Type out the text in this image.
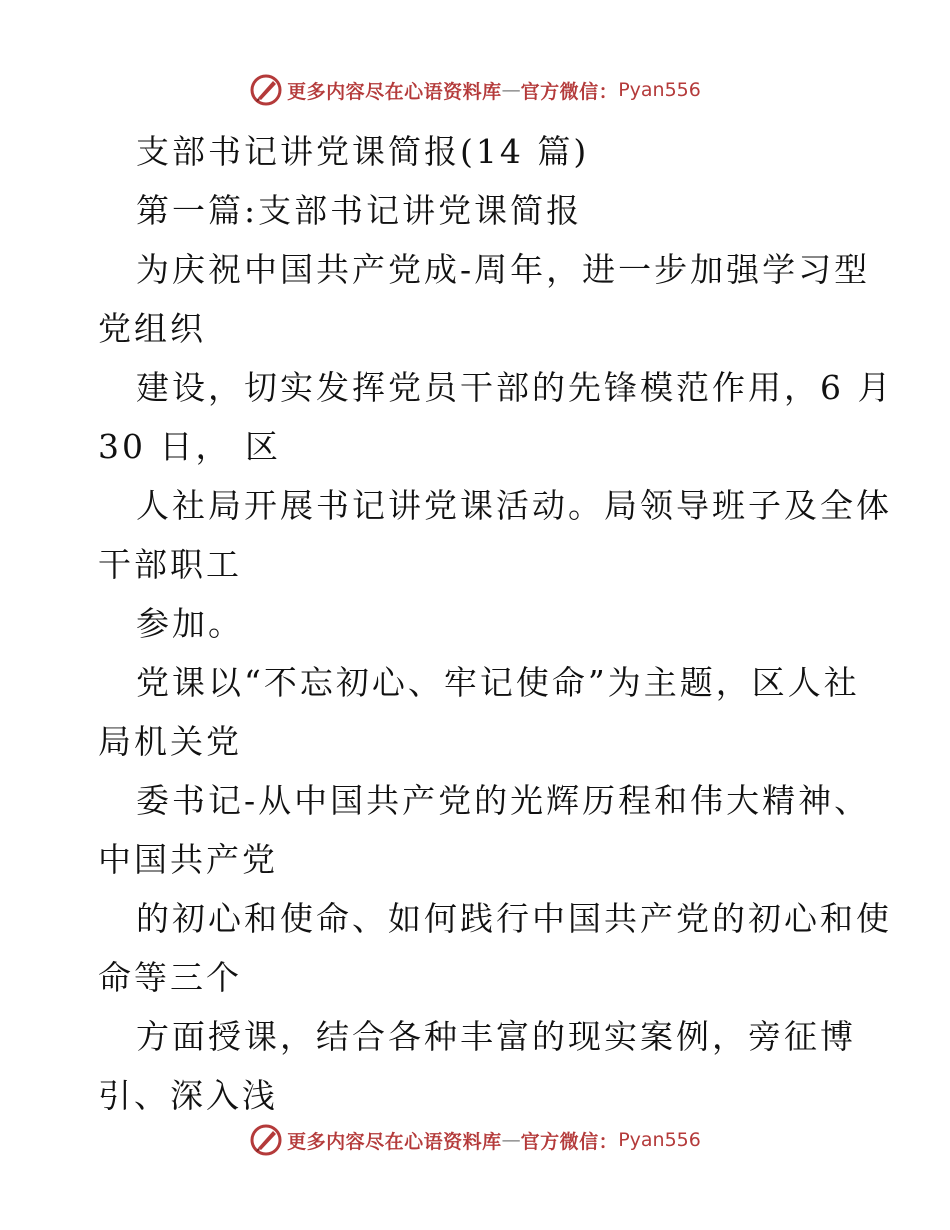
更多内容尽在心语资料库 — 官方微信： Pyan556
支部书记讲党课简报(14 篇)
第一篇:支部书记讲党课简报
为庆祝中国共产党成-周年，进一步加强学习型
党组织
建设，切实发挥党员干部的先锋模范作用，6 月
30 日， 区
人社局开展书记讲党课活动。局领导班子及全体
干部职工
参加。
党课以“不忘初心、牢记使命”为主题，区人社
局机关党
委书记-从中国共产党的光辉历程和伟大精神、
中国共产党
的初心和使命、如何践行中国共产党的初心和使
命等三个
方面授课，结合各种丰富的现实案例，旁征博
引、深入浅
更多内容尽在心语资料库 — 官方微信： Pyan556
